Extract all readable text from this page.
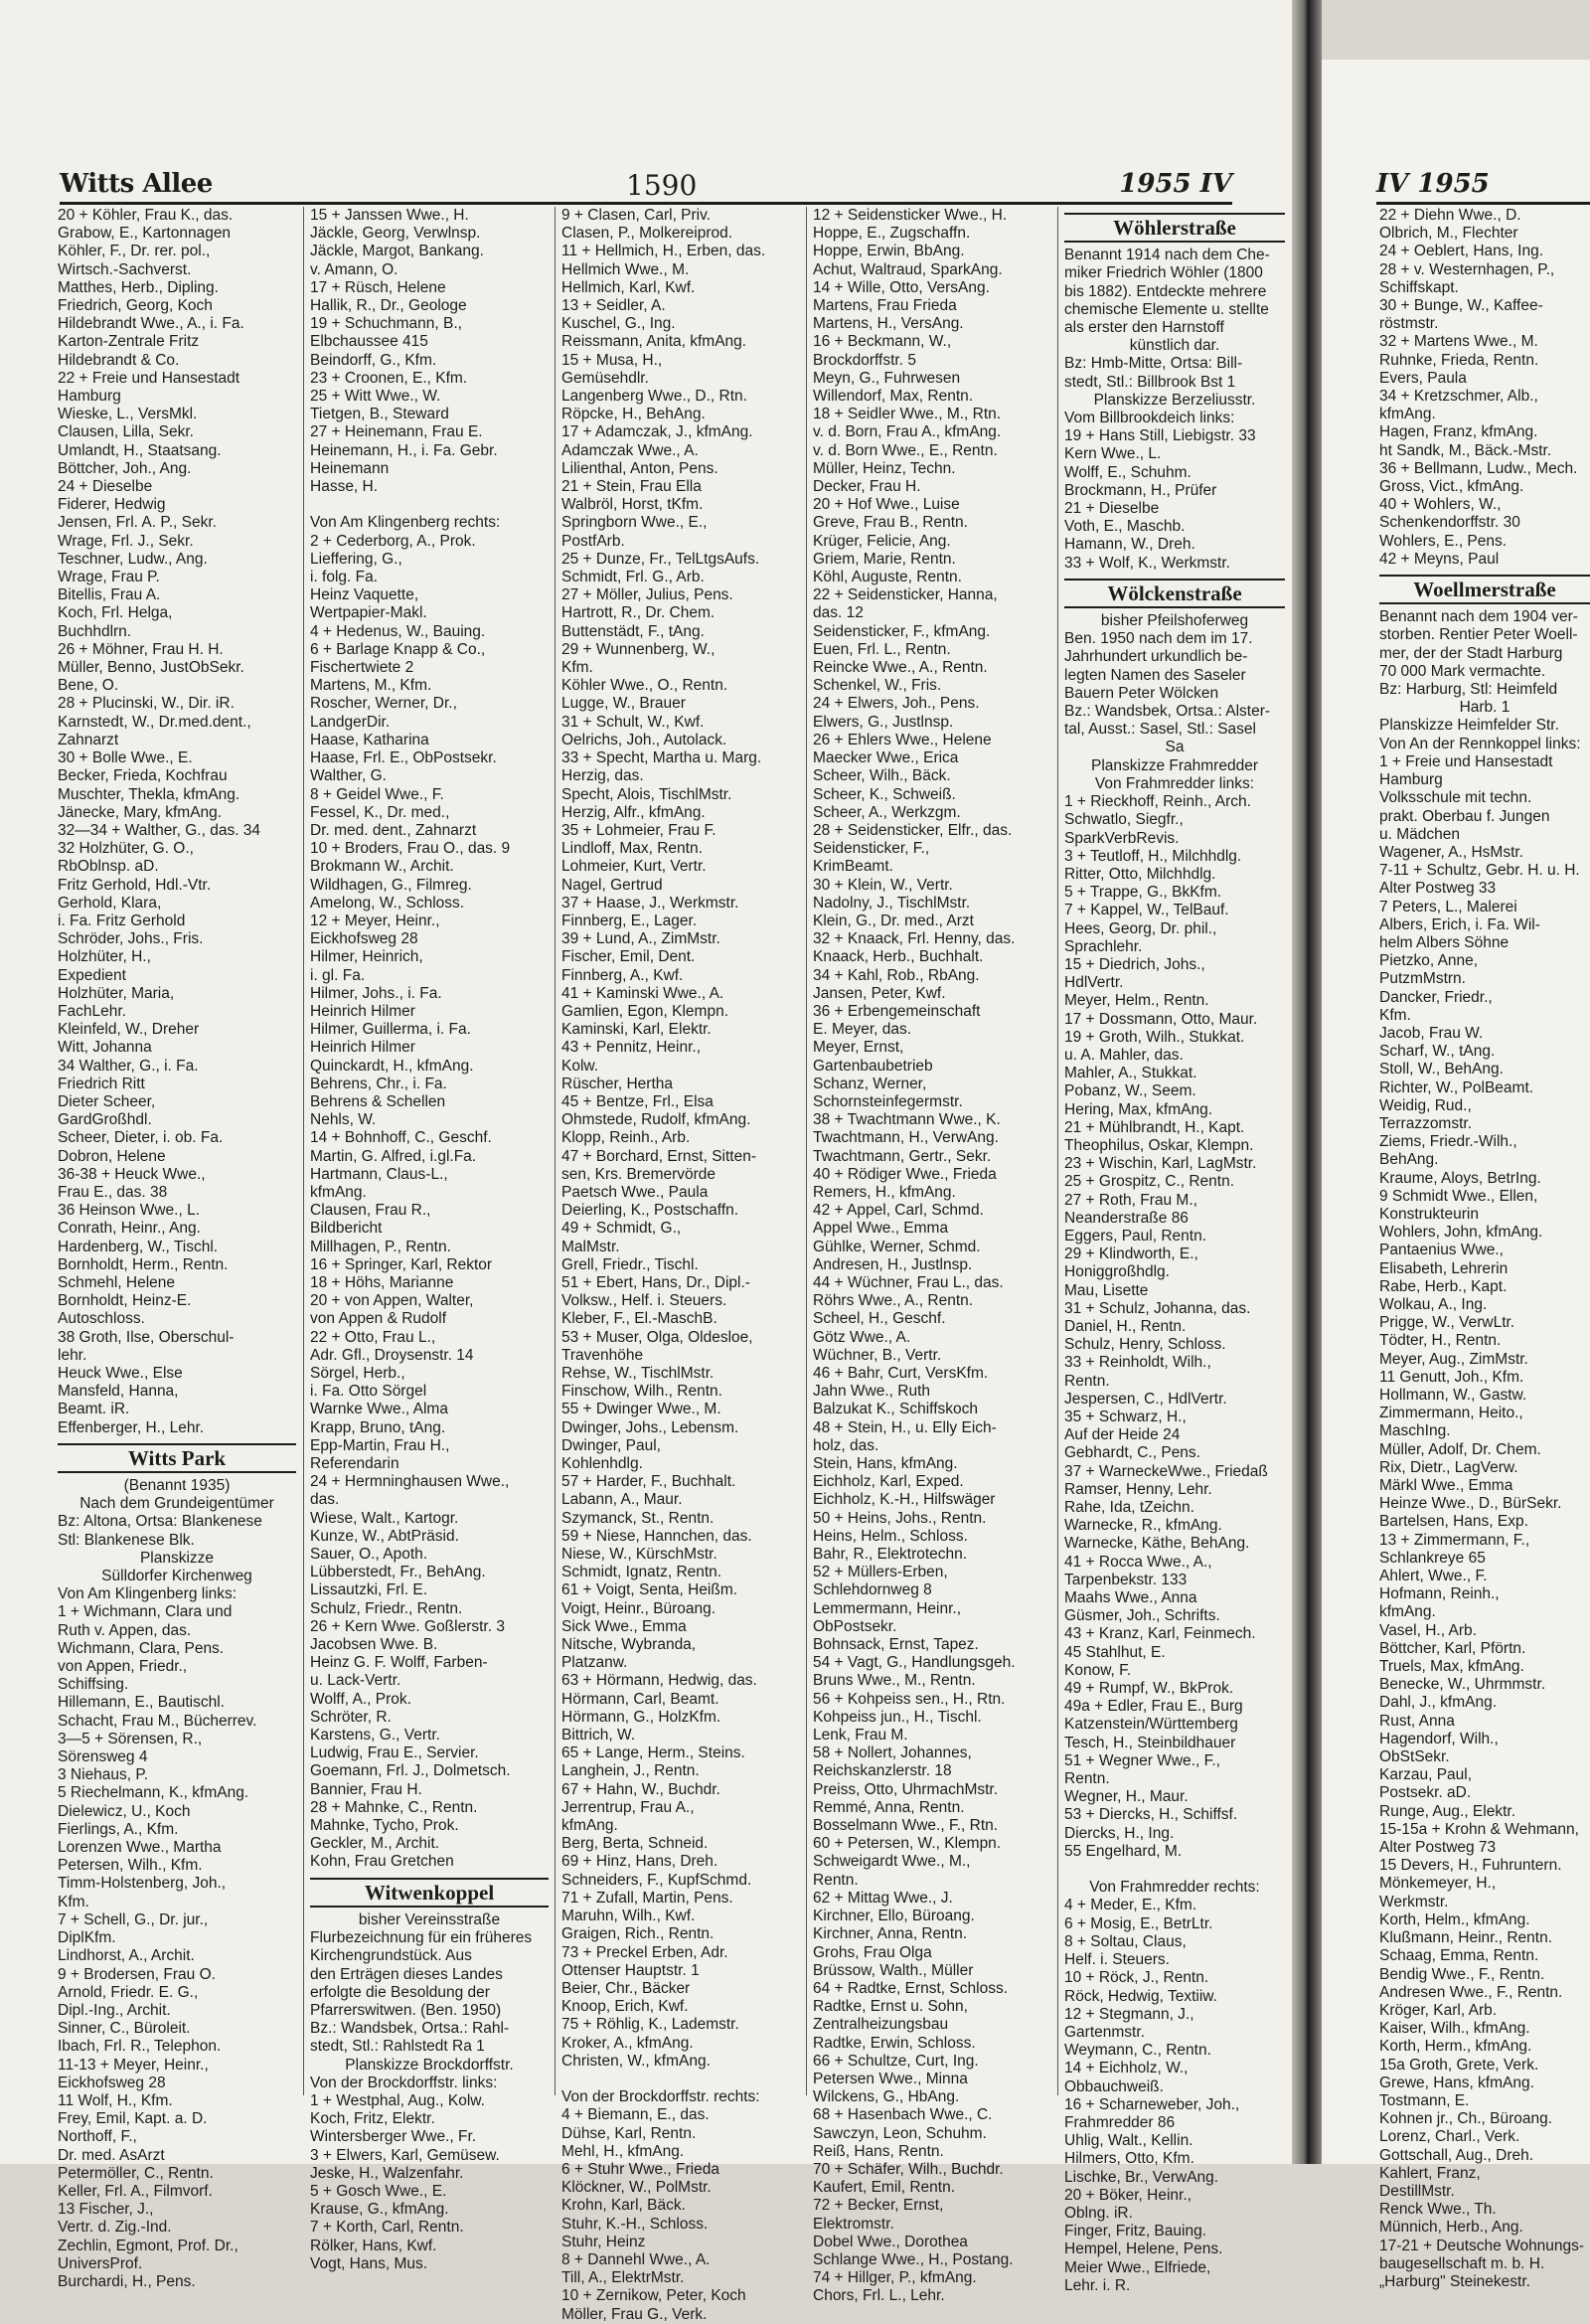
Witts Allee	1590	1955 IV	IV 1955
20 + Köhler, Frau K., das.
Grabow, E., Kartonnagen
Köhler, F., Dr. rer. pol.,
Wirtsch.-Sachverst.
Matthes, Herb., Dipling.
Friedrich, Georg, Koch
Hildebrandt Wwe., A., i. Fa.
Karton-Zentrale Fritz
Hildebrandt & Co.
22 + Freie und Hansestadt
Hamburg
Wieske, L., VersMkl.
Clausen, Lilla, Sekr.
Umlandt, H., Staatsang.
Böttcher, Joh., Ang.
24 + Dieselbe
Fiderer, Hedwig
Jensen, Frl. A. P., Sekr.
Wrage, Frl. J., Sekr.
Teschner, Ludw., Ang.
Wrage, Frau P.
Bitellis, Frau A.
Koch, Frl. Helga,
Buchhdlrn.
26 + Möhner, Frau H. H.
Müller, Benno, JustObSekr.
Bene, O.
28 + Plucinski, W., Dir. iR.
Karnstedt, W., Dr.med.dent.,
Zahnarzt
30 + Bolle Wwe., E.
Becker, Frieda, Kochfrau
Muschter, Thekla, kfmAng.
Jänecke, Mary, kfmAng.
32—34 + Walther, G., das. 34
32 Holzhüter, G. O.,
RbOblnsp. aD.
Fritz Gerhold, Hdl.-Vtr.
Gerhold, Klara,
i. Fa. Fritz Gerhold
Schröder, Johs., Fris.
Holzhüter, H.,
Expedient
Holzhüter, Maria,
FachLehr.
Kleinfeld, W., Dreher
Witt, Johanna
34 Walther, G., i. Fa.
Friedrich Ritt
Dieter Scheer,
GardGroßhdl.
Scheer, Dieter, i. ob. Fa.
Dobron, Helene
36-38 + Heuck Wwe.,
Frau E., das. 38
36 Heinson Wwe., L.
Conrath, Heinr., Ang.
Hardenberg, W., Tischl.
Bornholdt, Herm., Rentn.
Schmehl, Helene
Bornholdt, Heinz-E.
Autoschloss.
38 Groth, Ilse, Oberschul-
lehr.
Heuck Wwe., Else
Mansfeld, Hanna,
Beamt. iR.
Effenberger, H., Lehr.
Witts Park
(Benannt 1935)
Nach dem Grundeigentümer
Bz: Altona, Ortsa: Blankenese
Stl: Blankenese Blk.
Planskizze
Sülldorfer Kirchenweg
Von Am Klingenberg links:
1 + Wichmann, Clara und
Ruth v. Appen, das.
Wichmann, Clara, Pens.
von Appen, Friedr.,
Schiffsing.
Hillemann, E., Bautischl.
Schacht, Frau M., Bücherrev.
3—5 + Sörensen, R.,
Sörensweg 4
3 Niehaus, P.
5 Riechelmann, K., kfmAng.
Dielewicz, U., Koch
Fierlings, A., Kfm.
Lorenzen Wwe., Martha
Petersen, Wilh., Kfm.
Timm-Holstenberg, Joh.,
Kfm.
7 + Schell, G., Dr. jur.,
DiplKfm.
Lindhorst, A., Archit.
9 + Brodersen, Frau O.
Arnold, Friedr. E. G.,
Dipl.-Ing., Archit.
Sinner, C., Büroleit.
Ibach, Frl. R., Telephon.
11-13 + Meyer, Heinr.,
Eickhofsweg 28
11 Wolf, H., Kfm.
Frey, Emil, Kapt. a. D.
Northoff, F.,
Dr. med. AsArzt
Petermöller, C., Rentn.
Keller, Frl. A., Filmvorf.
13 Fischer, J.,
Vertr. d. Zig.-Ind.
Zechlin, Egmont, Prof. Dr.,
UniversProf.
Burchardi, H., Pens.
15 + Janssen Wwe., H.
Jäckle, Georg, Verwlnsp.
Jäckle, Margot, Bankang.
v. Amann, O.
17 + Rüsch, Helene
Hallik, R., Dr., Geologe
19 + Schuchmann, B.,
Elbchaussee 415
Beindorff, G., Kfm.
23 + Croonen, E., Kfm.
25 + Witt Wwe., W.
Tietgen, B., Steward
27 + Heinemann, Frau E.
Heinemann, H., i. Fa. Gebr.
Heinemann
Hasse, H.

Von Am Klingenberg rechts:
2 + Cederborg, A., Prok.
Lieffering, G.,
i. folg. Fa.
Heinz Vaquette,
Wertpapier-Makl.
4 + Hedenus, W., Bauing.
6 + Barlage Knapp & Co.,
Fischertwiete 2
Martens, M., Kfm.
Roscher, Werner, Dr.,
LandgerDir.
Haase, Katharina
Haase, Frl. E., ObPostsekr.
Walther, G.
8 + Geidel Wwe., F.
Fessel, K., Dr. med.,
Dr. med. dent., Zahnarzt
10 + Broders, Frau O., das. 9
Brokmann W., Archit.
Wildhagen, G., Filmreg.
Amelong, W., Schloss.
12 + Meyer, Heinr.,
Eickhofsweg 28
Hilmer, Heinrich,
i. gl. Fa.
Hilmer, Johs., i. Fa.
Heinrich Hilmer
Hilmer, Guillerma, i. Fa.
Heinrich Hilmer
Quinckardt, H., kfmAng.
Behrens, Chr., i. Fa.
Behrens & Schellen
Nehls, W.
14 + Bohnhoff, C., Geschf.
Martin, G. Alfred, i.gl.Fa.
Hartmann, Claus-L.,
kfmAng.
Clausen, Frau R.,
Bildbericht
Millhagen, P., Rentn.
16 + Springer, Karl, Rektor
18 + Höhs, Marianne
20 + von Appen, Walter,
von Appen & Rudolf
22 + Otto, Frau L.,
Adr. Gfl., Droysenstr. 14
Sörgel, Herb.,
i. Fa. Otto Sörgel
Warnke Wwe., Alma
Krapp, Bruno, tAng.
Epp-Martin, Frau H.,
Referendarin
24 + Hermninghausen Wwe.,
das.
Wiese, Walt., Kartogr.
Kunze, W., AbtPräsid.
Sauer, O., Apoth.
Lübberstedt, Fr., BehAng.
Lissautzki, Frl. E.
Schulz, Friedr., Rentn.
26 + Kern Wwe. Goßlerstr. 3
Jacobsen Wwe. B.
Heinz G. F. Wolff, Farben-
u. Lack-Vertr.
Wolff, A., Prok.
Schröter, R.
Karstens, G., Vertr.
Ludwig, Frau E., Servier.
Goemann, Frl. J., Dolmetsch.
Bannier, Frau H.
28 + Mahnke, C., Rentn.
Mahnke, Tycho, Prok.
Geckler, M., Archit.
Kohn, Frau Gretchen
Witwenkoppel
bisher Vereinsstraße
Flurbezeichnung für ein früheres
Kirchengrundstück. Aus
den Erträgen dieses Landes
erfolgte die Besoldung der
Pfarrerswitwen. (Ben. 1950)
Bz.: Wandsbek, Ortsa.: Rahl-
stedt, Stl.: Rahlstedt Ra 1
Planskizze Brockdorffstr.
Von der Brockdorffstr. links:
1 + Westphal, Aug., Kolw.
Koch, Fritz, Elektr.
Wintersberger Wwe., Fr.
3 + Elwers, Karl, Gemüsew.
Jeske, H., Walzenfahr.
5 + Gosch Wwe., E.
Krause, G., kfmAng.
7 + Korth, Carl, Rentn.
Rölker, Hans, Kwf.
Vogt, Hans, Mus.
9 + Clasen, Carl, Priv.
Clasen, P., Molkereiprod.
11 + Hellmich, H., Erben, das.
Hellmich Wwe., M.
Hellmich, Karl, Kwf.
13 + Seidler, A.
Kuschel, G., Ing.
Reissmann, Anita, kfmAng.
15 + Musa, H.,
Gemüsehdlr.
Langenberg Wwe., D., Rtn.
Röpcke, H., BehAng.
17 + Adamczak, J., kfmAng.
Adamczak Wwe., A.
Lilienthal, Anton, Pens.
21 + Stein, Frau Ella
Walbröl, Horst, tKfm.
Springborn Wwe., E.,
PostfArb.
25 + Dunze, Fr., TelLtgsAufs.
Schmidt, Frl. G., Arb.
27 + Möller, Julius, Pens.
Hartrott, R., Dr. Chem.
Buttenstädt, F., tAng.
29 + Wunnenberg, W.,
Kfm.
Köhler Wwe., O., Rentn.
Lugge, W., Brauer
31 + Schult, W., Kwf.
Oelrichs, Joh., Autolack.
33 + Specht, Martha u. Marg.
Herzig, das.
Specht, Alois, TischlMstr.
Herzig, Alfr., kfmAng.
35 + Lohmeier, Frau F.
Lindloff, Max, Rentn.
Lohmeier, Kurt, Vertr.
Nagel, Gertrud
37 + Haase, J., Werkmstr.
Finnberg, E., Lager.
39 + Lund, A., ZimMstr.
Fischer, Emil, Dent.
Finnberg, A., Kwf.
41 + Kaminski Wwe., A.
Gamlien, Egon, Klempn.
Kaminski, Karl, Elektr.
43 + Pennitz, Heinr.,
Kolw.
Rüscher, Hertha
45 + Bentze, Frl., Elsa
Ohmstede, Rudolf, kfmAng.
Klopp, Reinh., Arb.
47 + Borchard, Ernst, Sitten-
sen, Krs. Bremervörde
Paetsch Wwe., Paula
Deierling, K., Postschaffn.
49 + Schmidt, G.,
MalMstr.
Grell, Friedr., Tischl.
51 + Ebert, Hans, Dr., Dipl.-
Volksw., Helf. i. Steuers.
Kleber, F., El.-MaschB.
53 + Muser, Olga, Oldesloe,
Travenhöhe
Rehse, W., TischlMstr.
Finschow, Wilh., Rentn.
55 + Dwinger Wwe., M.
Dwinger, Johs., Lebensm.
Dwinger, Paul,
Kohlenhdlg.
57 + Harder, F., Buchhalt.
Labann, A., Maur.
Szymanck, St., Rentn.
59 + Niese, Hannchen, das.
Niese, W., KürschMstr.
Schmidt, Ignatz, Rentn.
61 + Voigt, Senta, Heißm.
Voigt, Heinr., Büroang.
Sick Wwe., Emma
Nitsche, Wybranda,
Platzanw.
63 + Hörmann, Hedwig, das.
Hörmann, Carl, Beamt.
Hörmann, G., HolzKfm.
Bittrich, W.
65 + Lange, Herm., Steins.
Langhein, J., Rentn.
67 + Hahn, W., Buchdr.
Jerrentrup, Frau A.,
kfmAng.
Berg, Berta, Schneid.
69 + Hinz, Hans, Dreh.
Schneiders, F., KupfSchmd.
71 + Zufall, Martin, Pens.
Maruhn, Wilh., Kwf.
Graigen, Rich., Rentn.
73 + Preckel Erben, Adr.
Ottenser Hauptstr. 1
Beier, Chr., Bäcker
Knoop, Erich, Kwf.
75 + Röhlig, K., Lademstr.
Kroker, A., kfmAng.
Christen, W., kfmAng.

Von der Brockdorffstr. rechts:
4 + Biemann, E., das.
Dühse, Karl, Rentn.
Mehl, H., kfmAng.
6 + Stuhr Wwe., Frieda
Klöckner, W., PolMstr.
Krohn, Karl, Bäck.
Stuhr, K.-H., Schloss.
Stuhr, Heinz
8 + Dannehl Wwe., A.
Till, A., ElektrMstr.
10 + Zernikow, Peter, Koch
Möller, Frau G., Verk.
12 + Seidensticker Wwe., H.
Hoppe, E., Zugschaffn.
Hoppe, Erwin, BbAng.
Achut, Waltraud, SparkAng.
14 + Wille, Otto, VersAng.
Martens, Frau Frieda
Martens, H., VersAng.
16 + Beckmann, W.,
Brockdorffstr. 5
Meyn, G., Fuhrwesen
Willendorf, Max, Rentn.
18 + Seidler Wwe., M., Rtn.
v. d. Born, Frau A., kfmAng.
v. d. Born Wwe., E., Rentn.
Müller, Heinz, Techn.
Decker, Frau H.
20 + Hof Wwe., Luise
Greve, Frau B., Rentn.
Krüger, Felicie, Ang.
Griem, Marie, Rentn.
Köhl, Auguste, Rentn.
22 + Seidensticker, Hanna,
das. 12
Seidensticker, F., kfmAng.
Euen, Frl. L., Rentn.
Reincke Wwe., A., Rentn.
Schenkel, W., Fris.
24 + Elwers, Joh., Pens.
Elwers, G., Justlnsp.
26 + Ehlers Wwe., Helene
Maecker Wwe., Erica
Scheer, Wilh., Bäck.
Scheer, K., Schweiß.
Scheer, A., Werkzgm.
28 + Seidensticker, Elfr., das.
Seidensticker, F.,
KrimBeamt.
30 + Klein, W., Vertr.
Nadolny, J., TischlMstr.
Klein, G., Dr. med., Arzt
32 + Knaack, Frl. Henny, das.
Knaack, Herb., Buchhalt.
34 + Kahl, Rob., RbAng.
Jansen, Peter, Kwf.
36 + Erbengemeinschaft
E. Meyer, das.
Meyer, Ernst,
Gartenbaubetrieb
Schanz, Werner,
Schornsteinfegermstr.
38 + Twachtmann Wwe., K.
Twachtmann, H., VerwAng.
Twachtmann, Gertr., Sekr.
40 + Rödiger Wwe., Frieda
Remers, H., kfmAng.
42 + Appel, Carl, Schmd.
Appel Wwe., Emma
Gühlke, Werner, Schmd.
Andresen, H., Justlnsp.
44 + Wüchner, Frau L., das.
Röhrs Wwe., A., Rentn.
Scheel, H., Geschf.
Götz Wwe., A.
Wüchner, B., Vertr.
46 + Bahr, Curt, VersKfm.
Jahn Wwe., Ruth
Balzukat K., Schiffskoch
48 + Stein, H., u. Elly Eich-
holz, das.
Stein, Hans, kfmAng.
Eichholz, Karl, Exped.
Eichholz, K.-H., Hilfswäger
50 + Heins, Johs., Rentn.
Heins, Helm., Schloss.
Bahr, R., Elektrotechn.
52 + Müllers-Erben,
Schlehdornweg 8
Lemmermann, Heinr.,
ObPostsekr.
Bohnsack, Ernst, Tapez.
54 + Vagt, G., Handlungsgeh.
Bruns Wwe., M., Rentn.
56 + Kohpeiss sen., H., Rtn.
Kohpeiss jun., H., Tischl.
Lenk, Frau M.
58 + Nollert, Johannes,
Reichskanzlerstr. 18
Preiss, Otto, UhrmachMstr.
Remmé, Anna, Rentn.
Bosselmann Wwe., F., Rtn.
60 + Petersen, W., Klempn.
Schweigardt Wwe., M.,
Rentn.
62 + Mittag Wwe., J.
Kirchner, Ello, Büroang.
Kirchner, Anna, Rentn.
Grohs, Frau Olga
Brüssow, Walth., Müller
64 + Radtke, Ernst, Schloss.
Radtke, Ernst u. Sohn,
Zentralheizungsbau
Radtke, Erwin, Schloss.
66 + Schultze, Curt, Ing.
Petersen Wwe., Minna
Wilckens, G., HbAng.
68 + Hasenbach Wwe., C.
Sawczyn, Leon, Schuhm.
Reiß, Hans, Rentn.
70 + Schäfer, Wilh., Buchdr.
Kaufert, Emil, Rentn.
72 + Becker, Ernst,
Elektromstr.
Dobel Wwe., Dorothea
Schlange Wwe., H., Postang.
74 + Hillger, P., kfmAng.
Chors, Frl. L., Lehr.
Wöhlerstraße
Benannt 1914 nach dem Che-
miker Friedrich Wöhler (1800
bis 1882). Entdeckte mehrere
chemische Elemente u. stellte
als erster den Harnstoff
künstlich dar.
Bz: Hmb-Mitte, Ortsa: Bill-
stedt, Stl.: Billbrook Bst 1
Planskizze Berzeliusstr.
Vom Billbrookdeich links:
19 + Hans Still, Liebigstr. 33
Kern Wwe., L.
Wolff, E., Schuhm.
Brockmann, H., Prüfer
21 + Dieselbe
Voth, E., Maschb.
Hamann, W., Dreh.
33 + Wolf, K., Werkmstr.
Wölckenstraße
bisher Pfeilshoferweg
Ben. 1950 nach dem im 17.
Jahrhundert urkundlich be-
legten Namen des Saseler
Bauern Peter Wölcken
Bz.: Wandsbek, Ortsa.: Alster-
tal, Ausst.: Sasel, Stl.: Sasel
Sa
Planskizze Frahmredder
Von Frahmredder links:
1 + Rieckhoff, Reinh., Arch.
Schwatlo, Siegfr.,
SparkVerbRevis.
3 + Teutloff, H., Milchhdlg.
Ritter, Otto, Milchhdlg.
5 + Trappe, G., BkKfm.
7 + Kappel, W., TelBauf.
Hees, Georg, Dr. phil.,
Sprachlehr.
15 + Diedrich, Johs.,
HdlVertr.
Meyer, Helm., Rentn.
17 + Dossmann, Otto, Maur.
19 + Groth, Wilh., Stukkat.
u. A. Mahler, das.
Mahler, A., Stukkat.
Pobanz, W., Seem.
Hering, Max, kfmAng.
21 + Mühlbrandt, H., Kapt.
Theophilus, Oskar, Klempn.
23 + Wischin, Karl, LagMstr.
25 + Grospitz, C., Rentn.
27 + Roth, Frau M.,
Neanderstraße 86
Eggers, Paul, Rentn.
29 + Klindworth, E.,
Honiggroßhdlg.
Mau, Lisette
31 + Schulz, Johanna, das.
Daniel, H., Rentn.
Schulz, Henry, Schloss.
33 + Reinholdt, Wilh.,
Rentn.
Jespersen, C., HdlVertr.
35 + Schwarz, H.,
Auf der Heide 24
Gebhardt, C., Pens.
37 + WarneckeWwe., Friedaß
Ramser, Henny, Lehr.
Rahe, Ida, tZeichn.
Warnecke, R., kfmAng.
Warnecke, Käthe, BehAng.
41 + Rocca Wwe., A.,
Tarpenbekstr. 133
Maahs Wwe., Anna
Güsmer, Joh., Schrifts.
43 + Kranz, Karl, Feinmech.
45 Stahlhut, E.
Konow, F.
49 + Rumpf, W., BkProk.
49a + Edler, Frau E., Burg
Katzenstein/Württemberg
Tesch, H., Steinbildhauer
51 + Wegner Wwe., F.,
Rentn.
Wegner, H., Maur.
53 + Diercks, H., Schiffsf.
Diercks, H., Ing.
55 Engelhard, M.

Von Frahmredder rechts:
4 + Meder, E., Kfm.
6 + Mosig, E., BetrLtr.
8 + Soltau, Claus,
Helf. i. Steuers.
10 + Röck, J., Rentn.
Röck, Hedwig, Textiiw.
12 + Stegmann, J.,
Gartenmstr.
Weymann, C., Rentn.
14 + Eichholz, W.,
Obbauchweiß.
16 + Scharneweber, Joh.,
Frahmredder 86
Uhlig, Walt., Kellin.
Hilmers, Otto, Kfm.
Lischke, Br., VerwAng.
20 + Böker, Heinr.,
Oblng. iR.
Finger, Fritz, Bauing.
Hempel, Helene, Pens.
Meier Wwe., Elfriede,
Lehr. i. R.
22 + Diehn Wwe., D.
Olbrich, M., Flechter
24 + Oeblert, Hans, Ing.
28 + v. Westernhagen, P.,
Schiffskapt.
30 + Bunge, W., Kaffee-
röstmstr.
32 + Martens Wwe., M.
Ruhnke, Frieda, Rentn.
Evers, Paula
34 + Kretzschmer, Alb.,
kfmAng.
Hagen, Franz, kfmAng.
ht Sandk, M., Bäck.-Mstr.
36 + Bellmann, Ludw., Mech.
Gross, Vict., kfmAng.
40 + Wohlers, W.,
Schenkendorffstr. 30
Wohlers, E., Pens.
42 + Meyns, Paul
Woellmerstraße
Benannt nach dem 1904 ver-
storben. Rentier Peter Woell-
mer, der der Stadt Harburg
70 000 Mark vermachte.
Bz: Harburg, Stl: Heimfeld
Harb. 1
Planskizze Heimfelder Str.
Von An der Rennkoppel links:
1 + Freie und Hansestadt
Hamburg
Volksschule mit techn.
prakt. Oberbau f. Jungen
u. Mädchen
Wagener, A., HsMstr.
7-11 + Schultz, Gebr. H. u. H.
Alter Postweg 33
7 Peters, L., Malerei
Albers, Erich, i. Fa. Wil-
helm Albers Söhne
Pietzko, Anne,
PutzmMstrn.
Dancker, Friedr.,
Kfm.
Jacob, Frau W.
Scharf, W., tAng.
Stoll, W., BehAng.
Richter, W., PolBeamt.
Weidig, Rud.,
Terrazzomstr.
Ziems, Friedr.-Wilh.,
BehAng.
Kraume, Aloys, BetrIng.
9 Schmidt Wwe., Ellen,
Konstrukteurin
Wohlers, John, kfmAng.
Pantaenius Wwe.,
Elisabeth, Lehrerin
Rabe, Herb., Kapt.
Wolkau, A., Ing.
Prigge, W., VerwLtr.
Tödter, H., Rentn.
Meyer, Aug., ZimMstr.
11 Genutt, Joh., Kfm.
Hollmann, W., Gastw.
Zimmermann, Heito.,
MaschIng.
Müller, Adolf, Dr. Chem.
Rix, Dietr., LagVerw.
Märkl Wwe., Emma
Heinze Wwe., D., BürSekr.
Bartelsen, Hans, Exp.
13 + Zimmermann, F.,
Schlankreye 65
Ahlert, Wwe., F.
Hofmann, Reinh.,
kfmAng.
Vasel, H., Arb.
Böttcher, Karl, Pförtn.
Truels, Max, kfmAng.
Benecke, W., Uhrmmstr.
Dahl, J., kfmAng.
Rust, Anna
Hagendorf, Wilh.,
ObStSekr.
Karzau, Paul,
Postsekr. aD.
Runge, Aug., Elektr.
15-15a + Krohn & Wehmann,
Alter Postweg 73
15 Devers, H., Fuhruntern.
Mönkemeyer, H.,
Werkmstr.
Korth, Helm., kfmAng.
Klußmann, Heinr., Rentn.
Schaag, Emma, Rentn.
Bendig Wwe., F., Rentn.
Andresen Wwe., F., Rentn.
Kröger, Karl, Arb.
Kaiser, Wilh., kfmAng.
Korth, Herm., kfmAng.
15a Groth, Grete, Verk.
Grewe, Hans, kfmAng.
Tostmann, E.
Kohnen jr., Ch., Büroang.
Lorenz, Charl., Verk.
Gottschall, Aug., Dreh.
Kahlert, Franz,
DestillMstr.
Renck Wwe., Th.
Münnich, Herb., Ang.
17-21 + Deutsche Wohnungs-
baugesellschaft m. b. H.
„Harburg" Steinekestr.
